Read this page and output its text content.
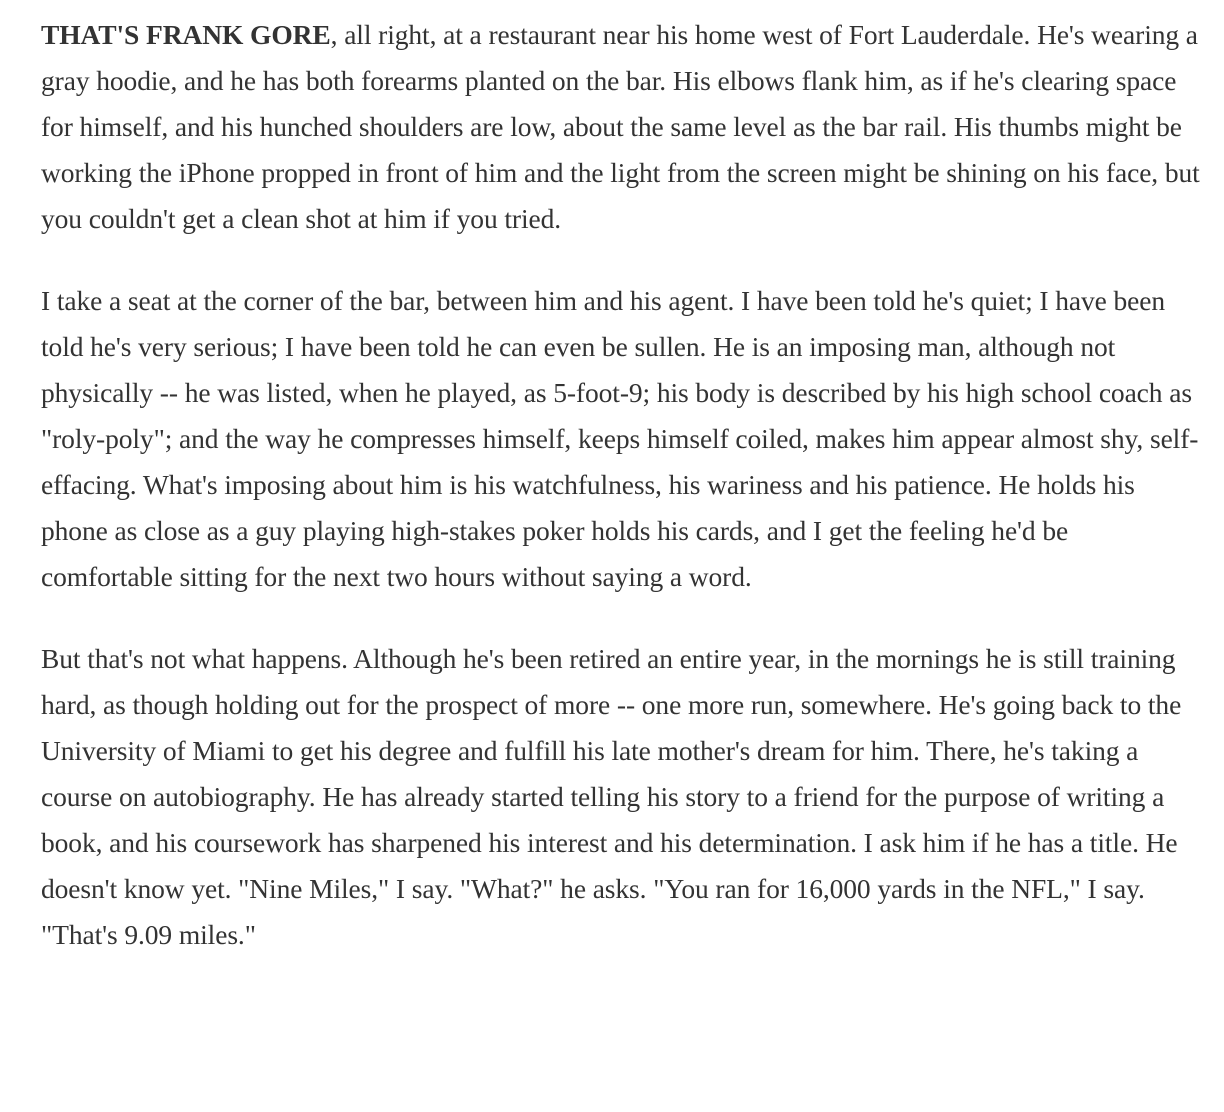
THAT'S FRANK GORE, all right, at a restaurant near his home west of Fort Lauderdale. He's wearing a gray hoodie, and he has both forearms planted on the bar. His elbows flank him, as if he's clearing space for himself, and his hunched shoulders are low, about the same level as the bar rail. His thumbs might be working the iPhone propped in front of him and the light from the screen might be shining on his face, but you couldn't get a clean shot at him if you tried.

I take a seat at the corner of the bar, between him and his agent. I have been told he's quiet; I have been told he's very serious; I have been told he can even be sullen. He is an imposing man, although not physically -- he was listed, when he played, as 5-foot-9; his body is described by his high school coach as "roly-poly"; and the way he compresses himself, keeps himself coiled, makes him appear almost shy, self-effacing. What's imposing about him is his watchfulness, his wariness and his patience. He holds his phone as close as a guy playing high-stakes poker holds his cards, and I get the feeling he'd be comfortable sitting for the next two hours without saying a word.

But that's not what happens. Although he's been retired an entire year, in the mornings he is still training hard, as though holding out for the prospect of more -- one more run, somewhere. He's going back to the University of Miami to get his degree and fulfill his late mother's dream for him. There, he's taking a course on autobiography. He has already started telling his story to a friend for the purpose of writing a book, and his coursework has sharpened his interest and his determination. I ask him if he has a title. He doesn't know yet. "Nine Miles," I say. "What?" he asks. "You ran for 16,000 yards in the NFL," I say. "That's 9.09 miles."
